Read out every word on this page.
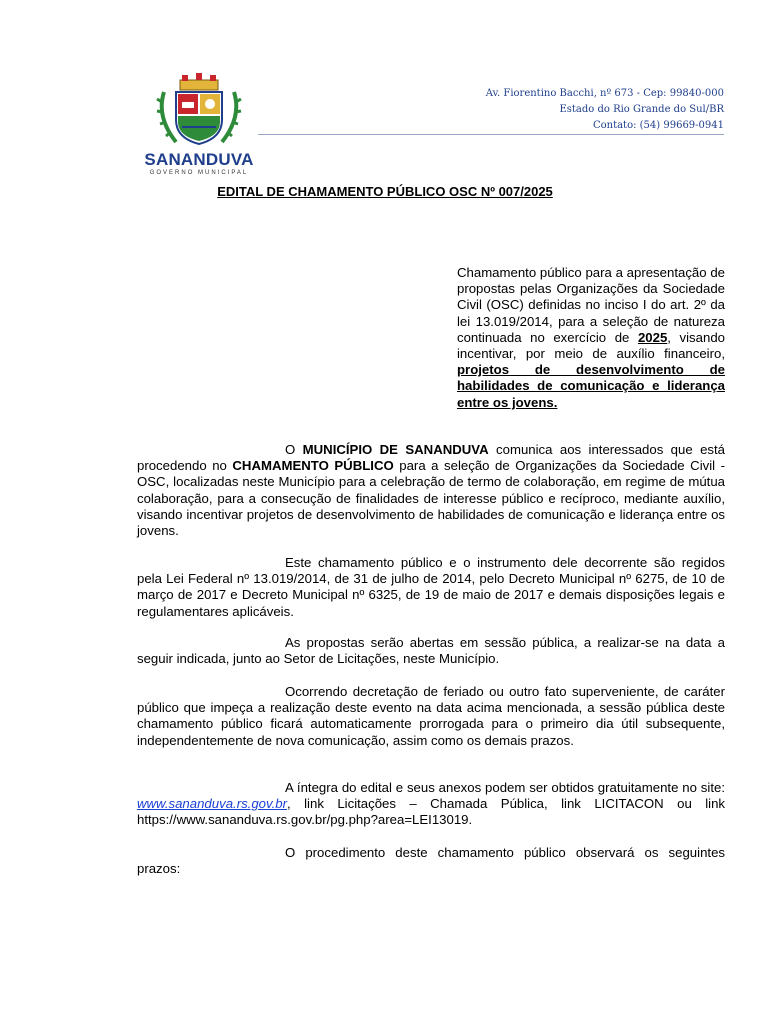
SANANDUVA
GOVERNO MUNICIPAL
Av. Fiorentino Bacchi, nº 673 - Cep: 99840-000
Estado do Rio Grande do Sul/BR
Contato: (54) 99669-0941
EDITAL DE CHAMAMENTO PÚBLICO OSC Nº 007/2025
Chamamento público para a apresentação de propostas pelas Organizações da Sociedade Civil (OSC) definidas no inciso I do art. 2º da lei 13.019/2014, para a seleção de natureza continuada no exercício de 2025, visando incentivar, por meio de auxílio financeiro, projetos de desenvolvimento de habilidades de comunicação e liderança entre os jovens.
O MUNICÍPIO DE SANANDUVA comunica aos interessados que está procedendo no CHAMAMENTO PÚBLICO para a seleção de Organizações da Sociedade Civil - OSC, localizadas neste Município para a celebração de termo de colaboração, em regime de mútua colaboração, para a consecução de finalidades de interesse público e recíproco, mediante auxílio, visando incentivar projetos de desenvolvimento de habilidades de comunicação e liderança entre os jovens.
Este chamamento público e o instrumento dele decorrente são regidos pela Lei Federal nº 13.019/2014, de 31 de julho de 2014, pelo Decreto Municipal nº 6275, de 10 de março de 2017 e Decreto Municipal nº 6325, de 19 de maio de 2017 e demais disposições legais e regulamentares aplicáveis.
As propostas serão abertas em sessão pública, a realizar-se na data a seguir indicada, junto ao Setor de Licitações, neste Município.
Ocorrendo decretação de feriado ou outro fato superveniente, de caráter público que impeça a realização deste evento na data acima mencionada, a sessão pública deste chamamento público ficará automaticamente prorrogada para o primeiro dia útil subsequente, independentemente de nova comunicação, assim como os demais prazos.
A íntegra do edital e seus anexos podem ser obtidos gratuitamente no site: www.sananduva.rs.gov.br, link Licitações – Chamada Pública, link LICITACON ou link https://www.sananduva.rs.gov.br/pg.php?area=LEI13019.
O procedimento deste chamamento público observará os seguintes prazos:
